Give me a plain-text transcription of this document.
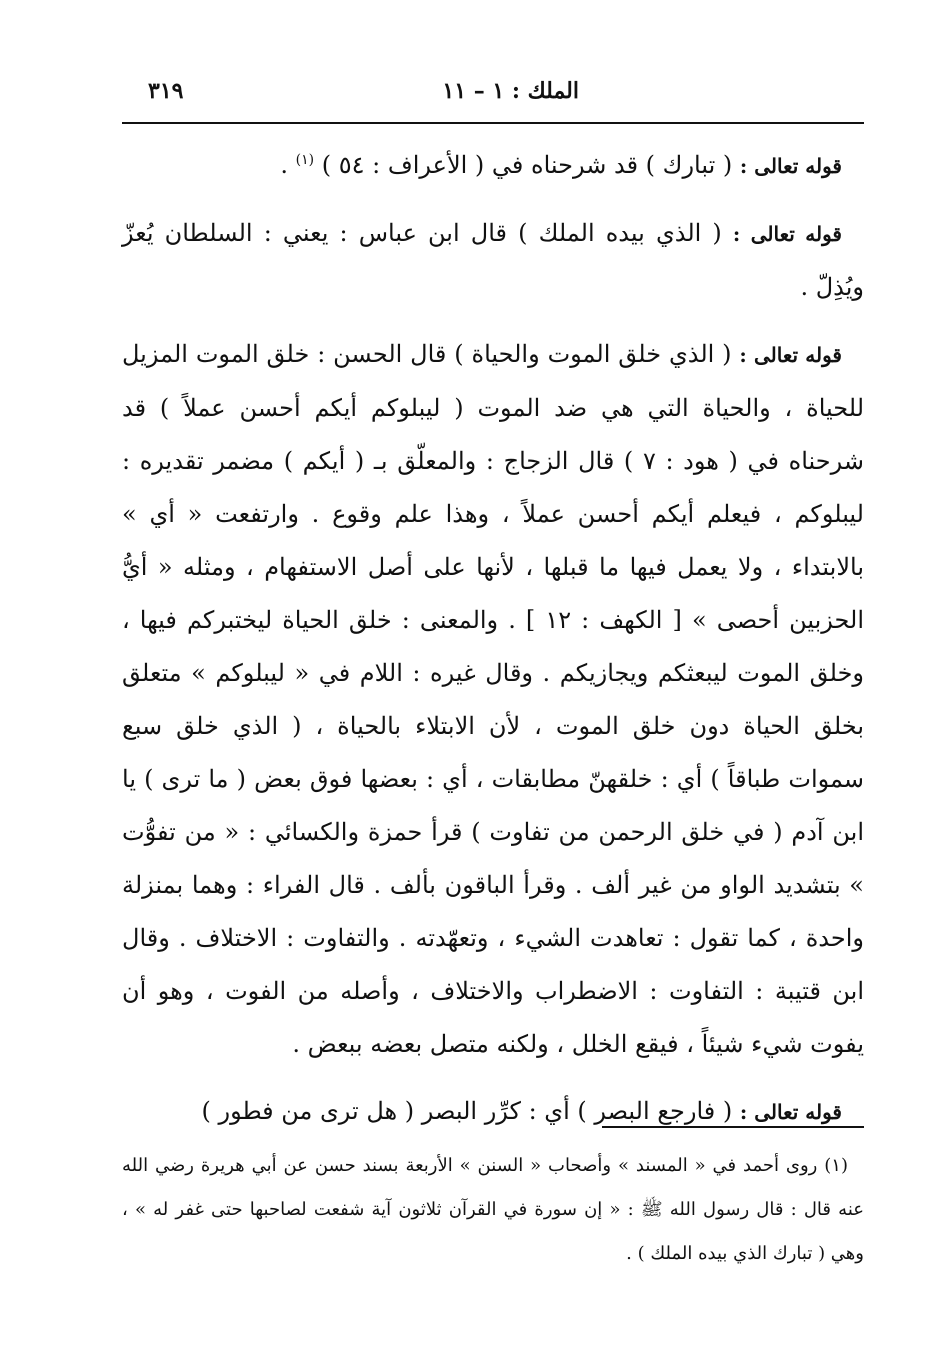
الملك : ١ – ١١
٣١٩

قوله تعالى : ( تبارك ) قد شرحناه في ( الأعراف : ٥٤ ) $^{(١)}$ .

قوله تعالى : ( الذي بيده الملك ) قال ابن عباس : يعني : السلطان يُعزّ ويُذِلّ .

قوله تعالى : ( الذي خلق الموت والحياة ) قال الحسن : خلق الموت المزيل للحياة ، والحياة التي هي ضد الموت ( ليبلوكم أيكم أحسن عملاً ) قد شرحناه في ( هود : ٧ ) قال الزجاج : والمعلّق بـ ( أيكم ) مضمر تقديره : ليبلوكم ، فيعلم أيكم أحسن عملاً ، وهذا علم وقوع . وارتفعت « أي » بالابتداء ، ولا يعمل فيها ما قبلها ، لأنها على أصل الاستفهام ، ومثله « أيُّ الحزبين أحصى » [ الكهف : ١٢ ] . والمعنى : خلق الحياة ليختبركم فيها ، وخلق الموت ليبعثكم ويجازيكم . وقال غيره : اللام في « ليبلوكم » متعلق بخلق الحياة دون خلق الموت ، لأن الابتلاء بالحياة ، ( الذي خلق سبع سموات طباقاً ) أي : خلقهنّ مطابقات ، أي : بعضها فوق بعض ( ما ترى ) يا ابن آدم ( في خلق الرحمن من تفاوت ) قرأ حمزة والكسائي : « من تفوُّت » بتشديد الواو من غير ألف . وقرأ الباقون بألف . قال الفراء : وهما بمنزلة واحدة ، كما تقول : تعاهدت الشيء ، وتعهّدته . والتفاوت : الاختلاف . وقال ابن قتيبة : التفاوت : الاضطراب والاختلاف ، وأصله من الفوت ، وهو أن يفوت شيء شيئاً ، فيقع الخلل ، ولكنه متصل بعضه ببعض .

قوله تعالى : ( فارجع البصر ) أي : كرِّر البصر ( هل ترى من فطور )

(١) روى أحمد في « المسند » وأصحاب « السنن » الأربعة بسند حسن عن أبي هريرة رضي الله عنه قال : قال رسول الله ﷺ : « إن سورة في القرآن ثلاثون آية شفعت لصاحبها حتى غفر له » ، وهي ( تبارك الذي بيده الملك ) .
